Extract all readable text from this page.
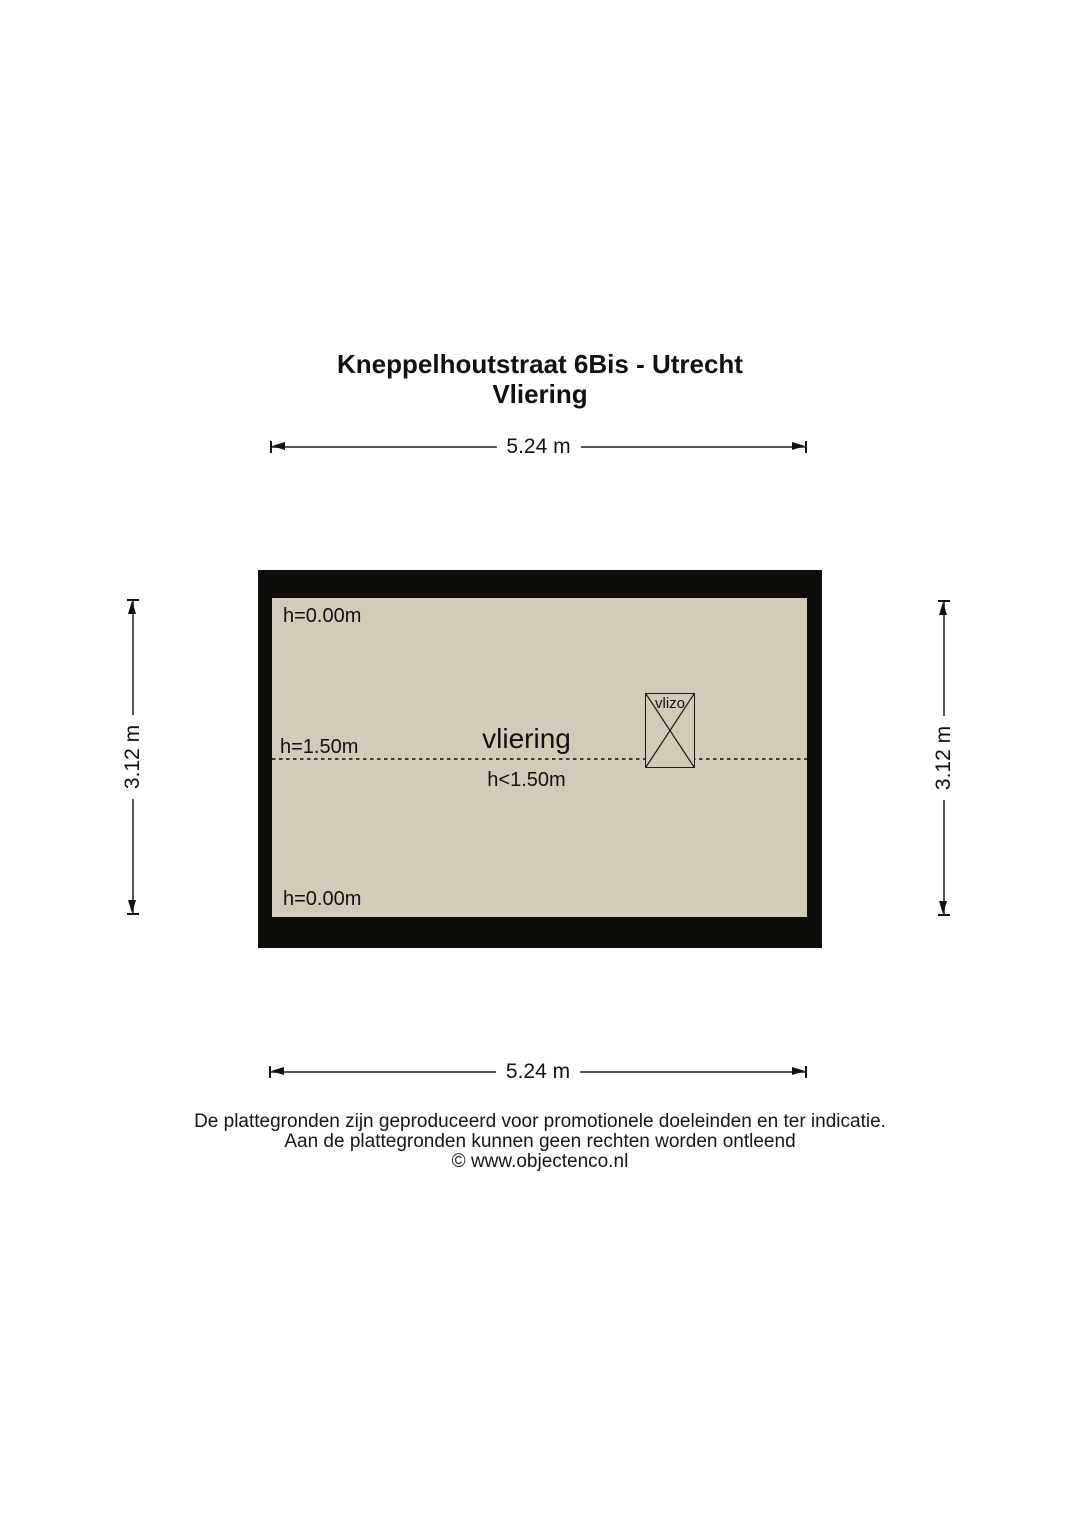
Kneppelhoutstraat 6Bis - Utrecht
Vliering
5.24 m
3.12 m	3.12 m
h=0.00m
h=1.50m	vliering
h<1.50m
h=0.00m
vlizo
5.24 m
De plattegronden zijn geproduceerd voor promotionele doeleinden en ter indicatie.
Aan de plattegronden kunnen geen rechten worden ontleend
© www.objectenco.nl
